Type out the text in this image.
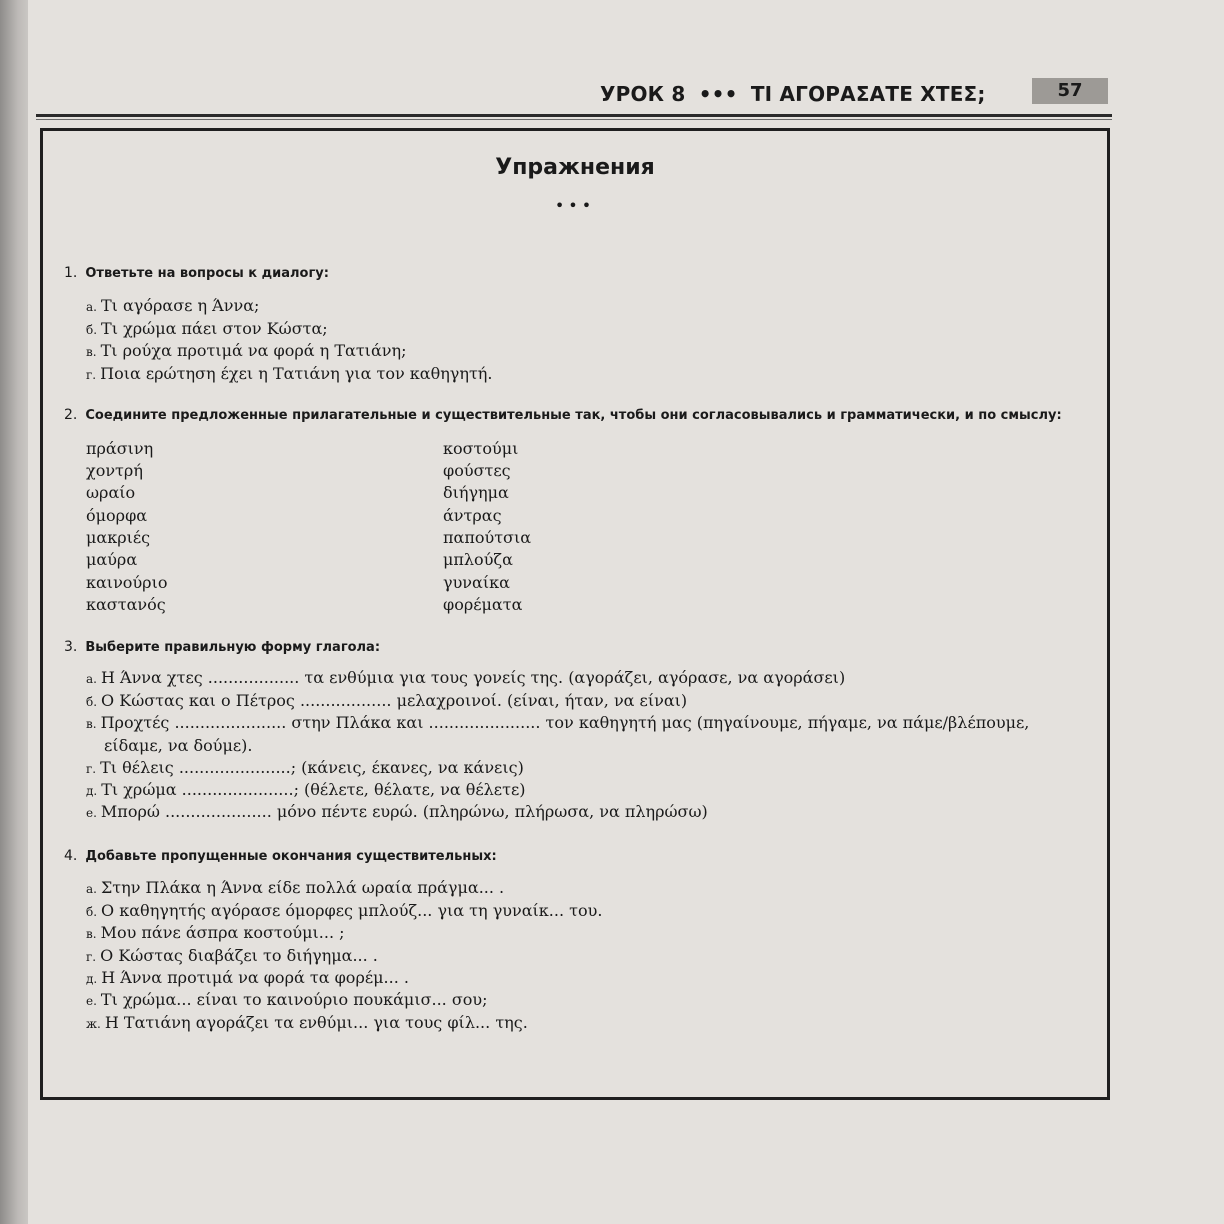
УРОК 8 ••• ΤΙ ΑΓΟΡΑΣΑΤΕ ΧΤΕΣ;	57
Упражнения
•••
1. Ответьте на вопросы к диалогу:
а. Τι αγόρασε η Άννα;
б. Τι χρώμα πάει στον Κώστα;
в. Τι ρούχα προτιμά να φορά η Τατιάνη;
г. Ποια ερώτηση έχει η Τατιάνη για τον καθηγητή.
2. Соедините предложенные прилагательные и существительные так, чтобы они согласовывались и грамматически, и по смыслу:
πράσινη
χοντρή
ωραίο
όμορφα
μακριές
μαύρα
καινούριο
καστανός
κοστούμι
φούστες
διήγημα
άντρας
παπούτσια
μπλούζα
γυναίκα
φορέματα
3. Выберите правильную форму глагола:
а. Η Άννα χτες .................. τα ενθύμια για τους γονείς της. (αγοράζει, αγόρασε, να αγοράσει)
б. Ο Κώστας και ο Πέτρος .................. μελαχροινοί. (είναι, ήταν, να είναι)
в. Προχτές ...................... στην Πλάκα και ...................... τον καθηγητή μας (πηγαίνουμε, πήγαμε, να πάμε/βλέπουμε,
είδαμε, να δούμε).
г. Τι θέλεις ......................; (κάνεις, έκανες, να κάνεις)
д. Τι χρώμα ......................; (θέλετε, θέλατε, να θέλετε)
е. Μπορώ ..................... μόνο πέντε ευρώ. (πληρώνω, πλήρωσα, να πληρώσω)
4. Добавьте пропущенные окончания существительных:
а. Στην Πλάκα η Άννα είδε πολλά ωραία πράγμα... .
б. Ο καθηγητής αγόρασε όμορφες μπλούζ... για τη γυναίκ... του.
в. Μου πάνε άσπρα κοστούμι... ;
г. Ο Κώστας διαβάζει το διήγημα... .
д. Η Άννα προτιμά να φορά τα φορέμ... .
е. Τι χρώμα... είναι το καινούριο πουκάμισ... σου;
ж. Η Τατιάνη αγοράζει τα ενθύμι... για τους φίλ... της.
